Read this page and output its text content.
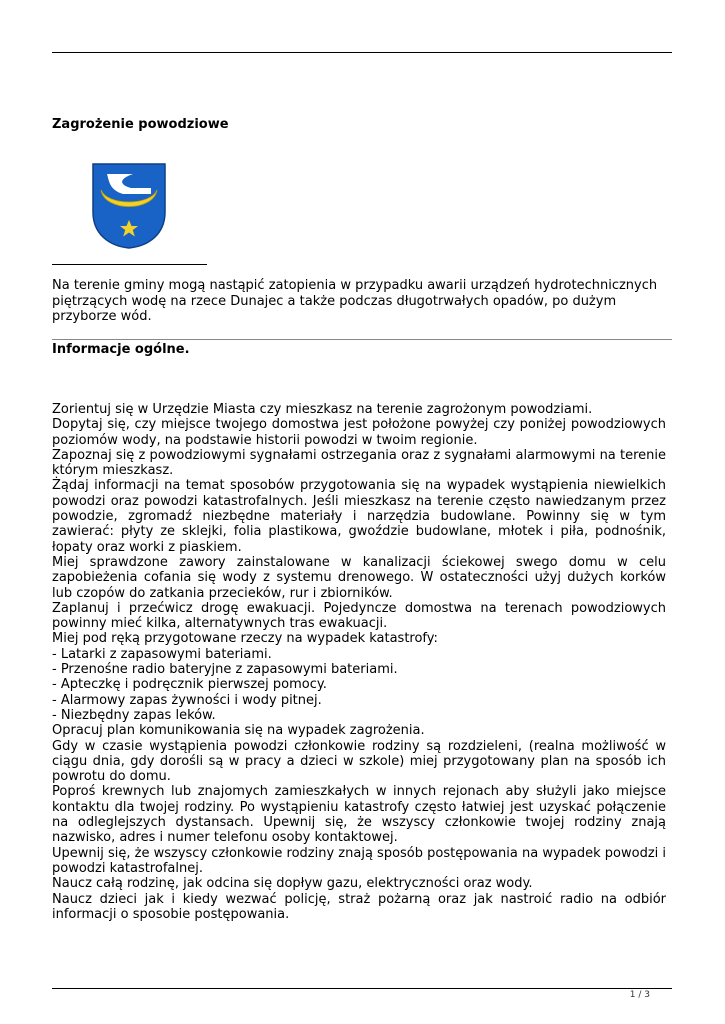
Zagrożenie powodziowe

Na terenie gminy mogą nastąpić zatopienia w przypadku awarii urządzeń hydrotechnicznych piętrzących wodę na rzece Dunajec a także podczas długotrwałych opadów, po dużym przyborze wód.

Informacje ogólne.

Zorientuj się w Urzędzie Miasta czy mieszkasz na terenie zagrożonym powodziami.

Dopytaj się, czy miejsce twojego domostwa jest położone powyżej czy poniżej powodziowych poziomów wody, na podstawie historii powodzi w twoim regionie.

Zapoznaj się z powodziowymi sygnałami ostrzegania oraz z sygnałami alarmowymi na terenie którym mieszkasz.

Żądaj informacji na temat sposobów przygotowania się na wypadek wystąpienia niewielkich powodzi oraz powodzi katastrofalnych. Jeśli mieszkasz na terenie często nawiedzanym przez powodzie, zgromadź niezbędne materiały i narzędzia budowlane. Powinny się w tym zawierać: płyty ze sklejki, folia plastikowa, gwoździe budowlane, młotek i piła, podnośnik, łopaty oraz worki z piaskiem.

Miej sprawdzone zawory zainstalowane w kanalizacji ściekowej swego domu w celu zapobieżenia cofania się wody z systemu drenowego. W ostateczności użyj dużych korków lub czopów do zatkania przecieków, rur i zbiorników.

Zaplanuj i przećwicz drogę ewakuacji. Pojedyncze domostwa na terenach powodziowych powinny mieć kilka, alternatywnych tras ewakuacji.

Miej pod ręką przygotowane rzeczy na wypadek katastrofy:

- Latarki z zapasowymi bateriami.

- Przenośne radio bateryjne z zapasowymi bateriami.

- Apteczkę i podręcznik pierwszej pomocy.

- Alarmowy zapas żywności i wody pitnej.

- Niezbędny zapas leków.

Opracuj plan komunikowania się na wypadek zagrożenia.

Gdy w czasie wystąpienia powodzi członkowie rodziny są rozdzieleni, (realna możliwość w ciągu dnia, gdy dorośli są w pracy a dzieci w szkole) miej przygotowany plan na sposób ich powrotu do domu.

Poproś krewnych lub znajomych zamieszkałych w innych rejonach aby służyli jako miejsce kontaktu dla twojej rodziny. Po wystąpieniu katastrofy często łatwiej jest uzyskać połączenie na odleglejszych dystansach. Upewnij się, że wszyscy członkowie twojej rodziny znają nazwisko, adres i numer telefonu osoby kontaktowej.

Upewnij się, że wszyscy członkowie rodziny znają sposób postępowania na wypadek powodzi i powodzi katastrofalnej.

Naucz całą rodzinę, jak odcina się dopływ gazu, elektryczności oraz wody.

Naucz dzieci jak i kiedy wezwać policję, straż pożarną oraz jak nastroić radio na odbiór informacji o sposobie postępowania.

1 / 3
